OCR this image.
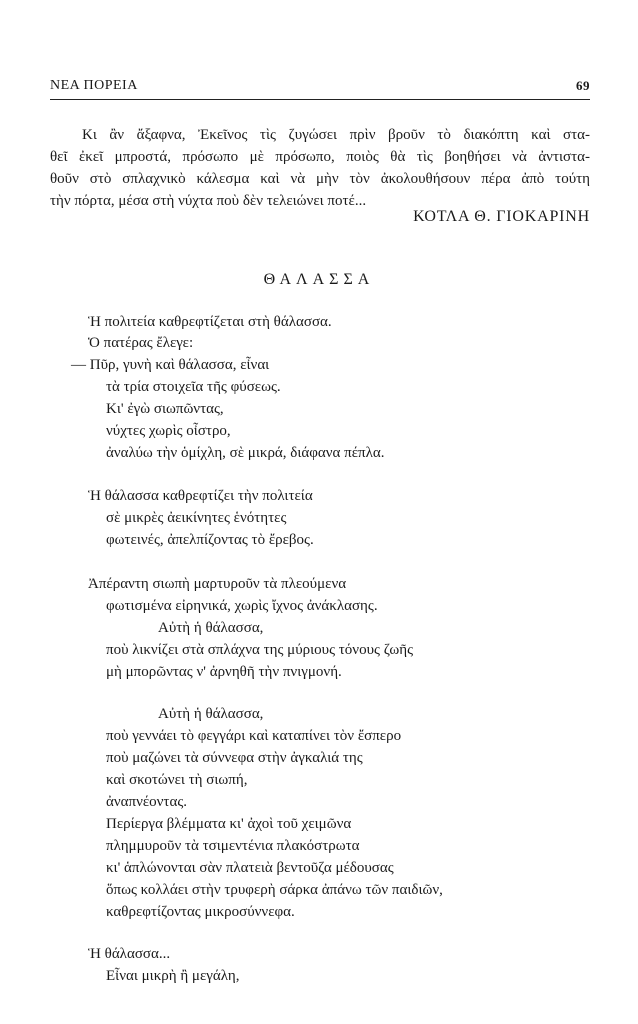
ΝΕΑ ΠΟΡΕΙΑ	69
Κι ἂν ἄξαφνα, Ἐκεῖνος τὶς ζυγώσει πρὶν βροῦν τὸ διακόπτη καὶ στα-
θεῖ ἐκεῖ μπροστά, πρόσωπο μὲ πρόσωπο, ποιὸς θὰ τὶς βοηθήσει νὰ ἀντιστα-
θοῦν στὸ σπλαχνικὸ κάλεσμα καὶ νὰ μὴν τὸν ἀκολουθήσουν πέρα ἀπὸ τούτη
τὴν πόρτα, μέσα στὴ νύχτα ποὺ δὲν τελειώνει ποτέ...
ΚΟΤΛΑ Θ. ΓΙΟΚΑΡΙΝΗ
ΘΑΛΑΣΣΑ
Ἡ πολιτεία καθρεφτίζεται στὴ θάλασσα.
Ὁ πατέρας ἔλεγε:
— Πῦρ, γυνὴ καὶ θάλασσα, εἶναι
τὰ τρία στοιχεῖα τῆς φύσεως.
Κι' ἐγὼ σιωπῶντας,
νύχτες χωρὶς οἶστρο,
ἀναλύω τὴν ὁμίχλη, σὲ μικρά, διάφανα πέπλα.
Ἡ θάλασσα καθρεφτίζει τὴν πολιτεία
σὲ μικρὲς ἀεικίνητες ἑνότητες
φωτεινές, ἀπελπίζοντας τὸ ἔρεβος.
Ἀπέραντη σιωπὴ μαρτυροῦν τὰ πλεούμενα
φωτισμένα εἰρηνικά, χωρὶς ἴχνος ἀνάκλασης.
Αὐτὴ ἡ θάλασσα,
ποὺ λικνίζει στὰ σπλάχνα της μύριους τόνους ζωῆς
μὴ μπορῶντας ν' ἀρνηθῆ τὴν πνιγμονή.
Αὐτὴ ἡ θάλασσα,
ποὺ γεννάει τὸ φεγγάρι καὶ καταπίνει τὸν ἔσπερο
ποὺ μαζώνει τὰ σύννεφα στὴν ἀγκαλιά της
καὶ σκοτώνει τὴ σιωπή,
ἀναπνέοντας.
Περίεργα βλέμματα κι' ἀχοὶ τοῦ χειμῶνα
πλημμυροῦν τὰ τσιμεντένια πλακόστρωτα
κι' ἁπλώνονται σὰν πλατειὰ βεντοῦζα μέδουσας
ὅπως κολλάει στὴν τρυφερὴ σάρκα ἀπάνω τῶν παιδιῶν,
καθρεφτίζοντας μικροσύννεφα.
Ἡ θάλασσα...
Εἶναι μικρὴ ἢ μεγάλη,
